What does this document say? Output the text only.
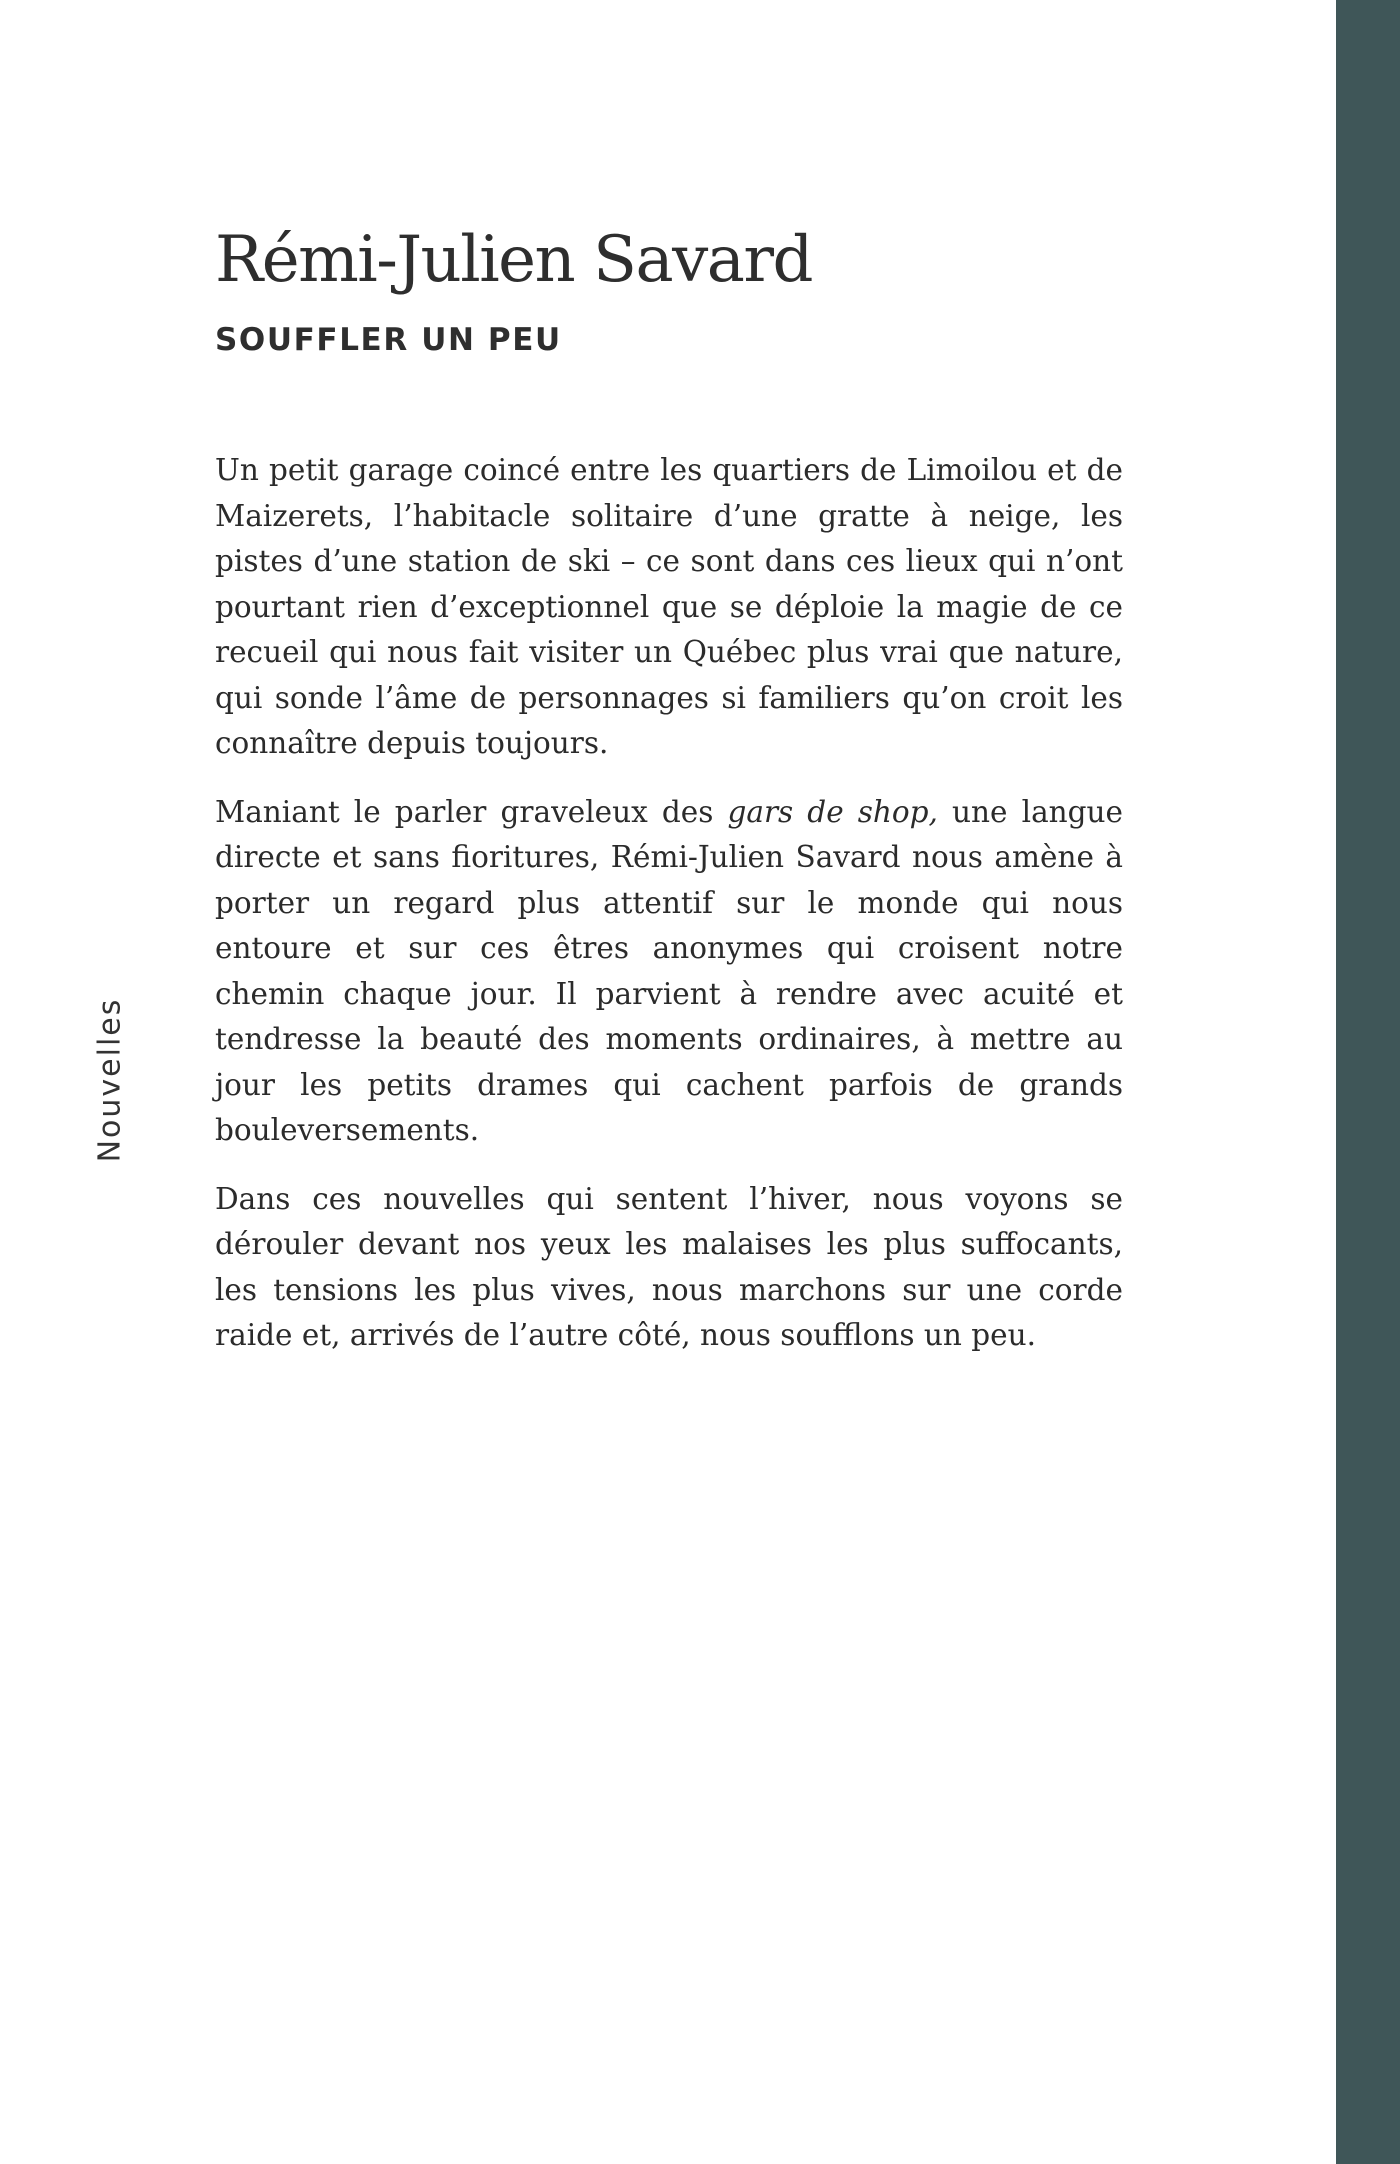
Nouvelles
Rémi-Julien Savard
SOUFFLER UN PEU

Un petit garage coincé entre les quartiers de Limoilou et de Maizerets, l’habitacle solitaire d’une gratte à neige, les pistes d’une station de ski – ce sont dans ces lieux qui n’ont pourtant rien d’exceptionnel que se déploie la magie de ce recueil qui nous fait visiter un Québec plus vrai que nature, qui sonde l’âme de personnages si familiers qu’on croit les connaître depuis toujours.

Maniant le parler graveleux des gars de shop, une langue directe et sans fioritures, Rémi-Julien Savard nous amène à porter un regard plus attentif sur le monde qui nous entoure et sur ces êtres anonymes qui croisent notre chemin chaque jour. Il parvient à rendre avec acuité et tendresse la beauté des moments ordinaires, à mettre au jour les petits drames qui cachent parfois de grands bouleversements.

Dans ces nouvelles qui sentent l’hiver, nous voyons se dérouler devant nos yeux les malaises les plus suffocants, les tensions les plus vives, nous marchons sur une corde raide et, arrivés de l’autre côté, nous soufflons un peu.
